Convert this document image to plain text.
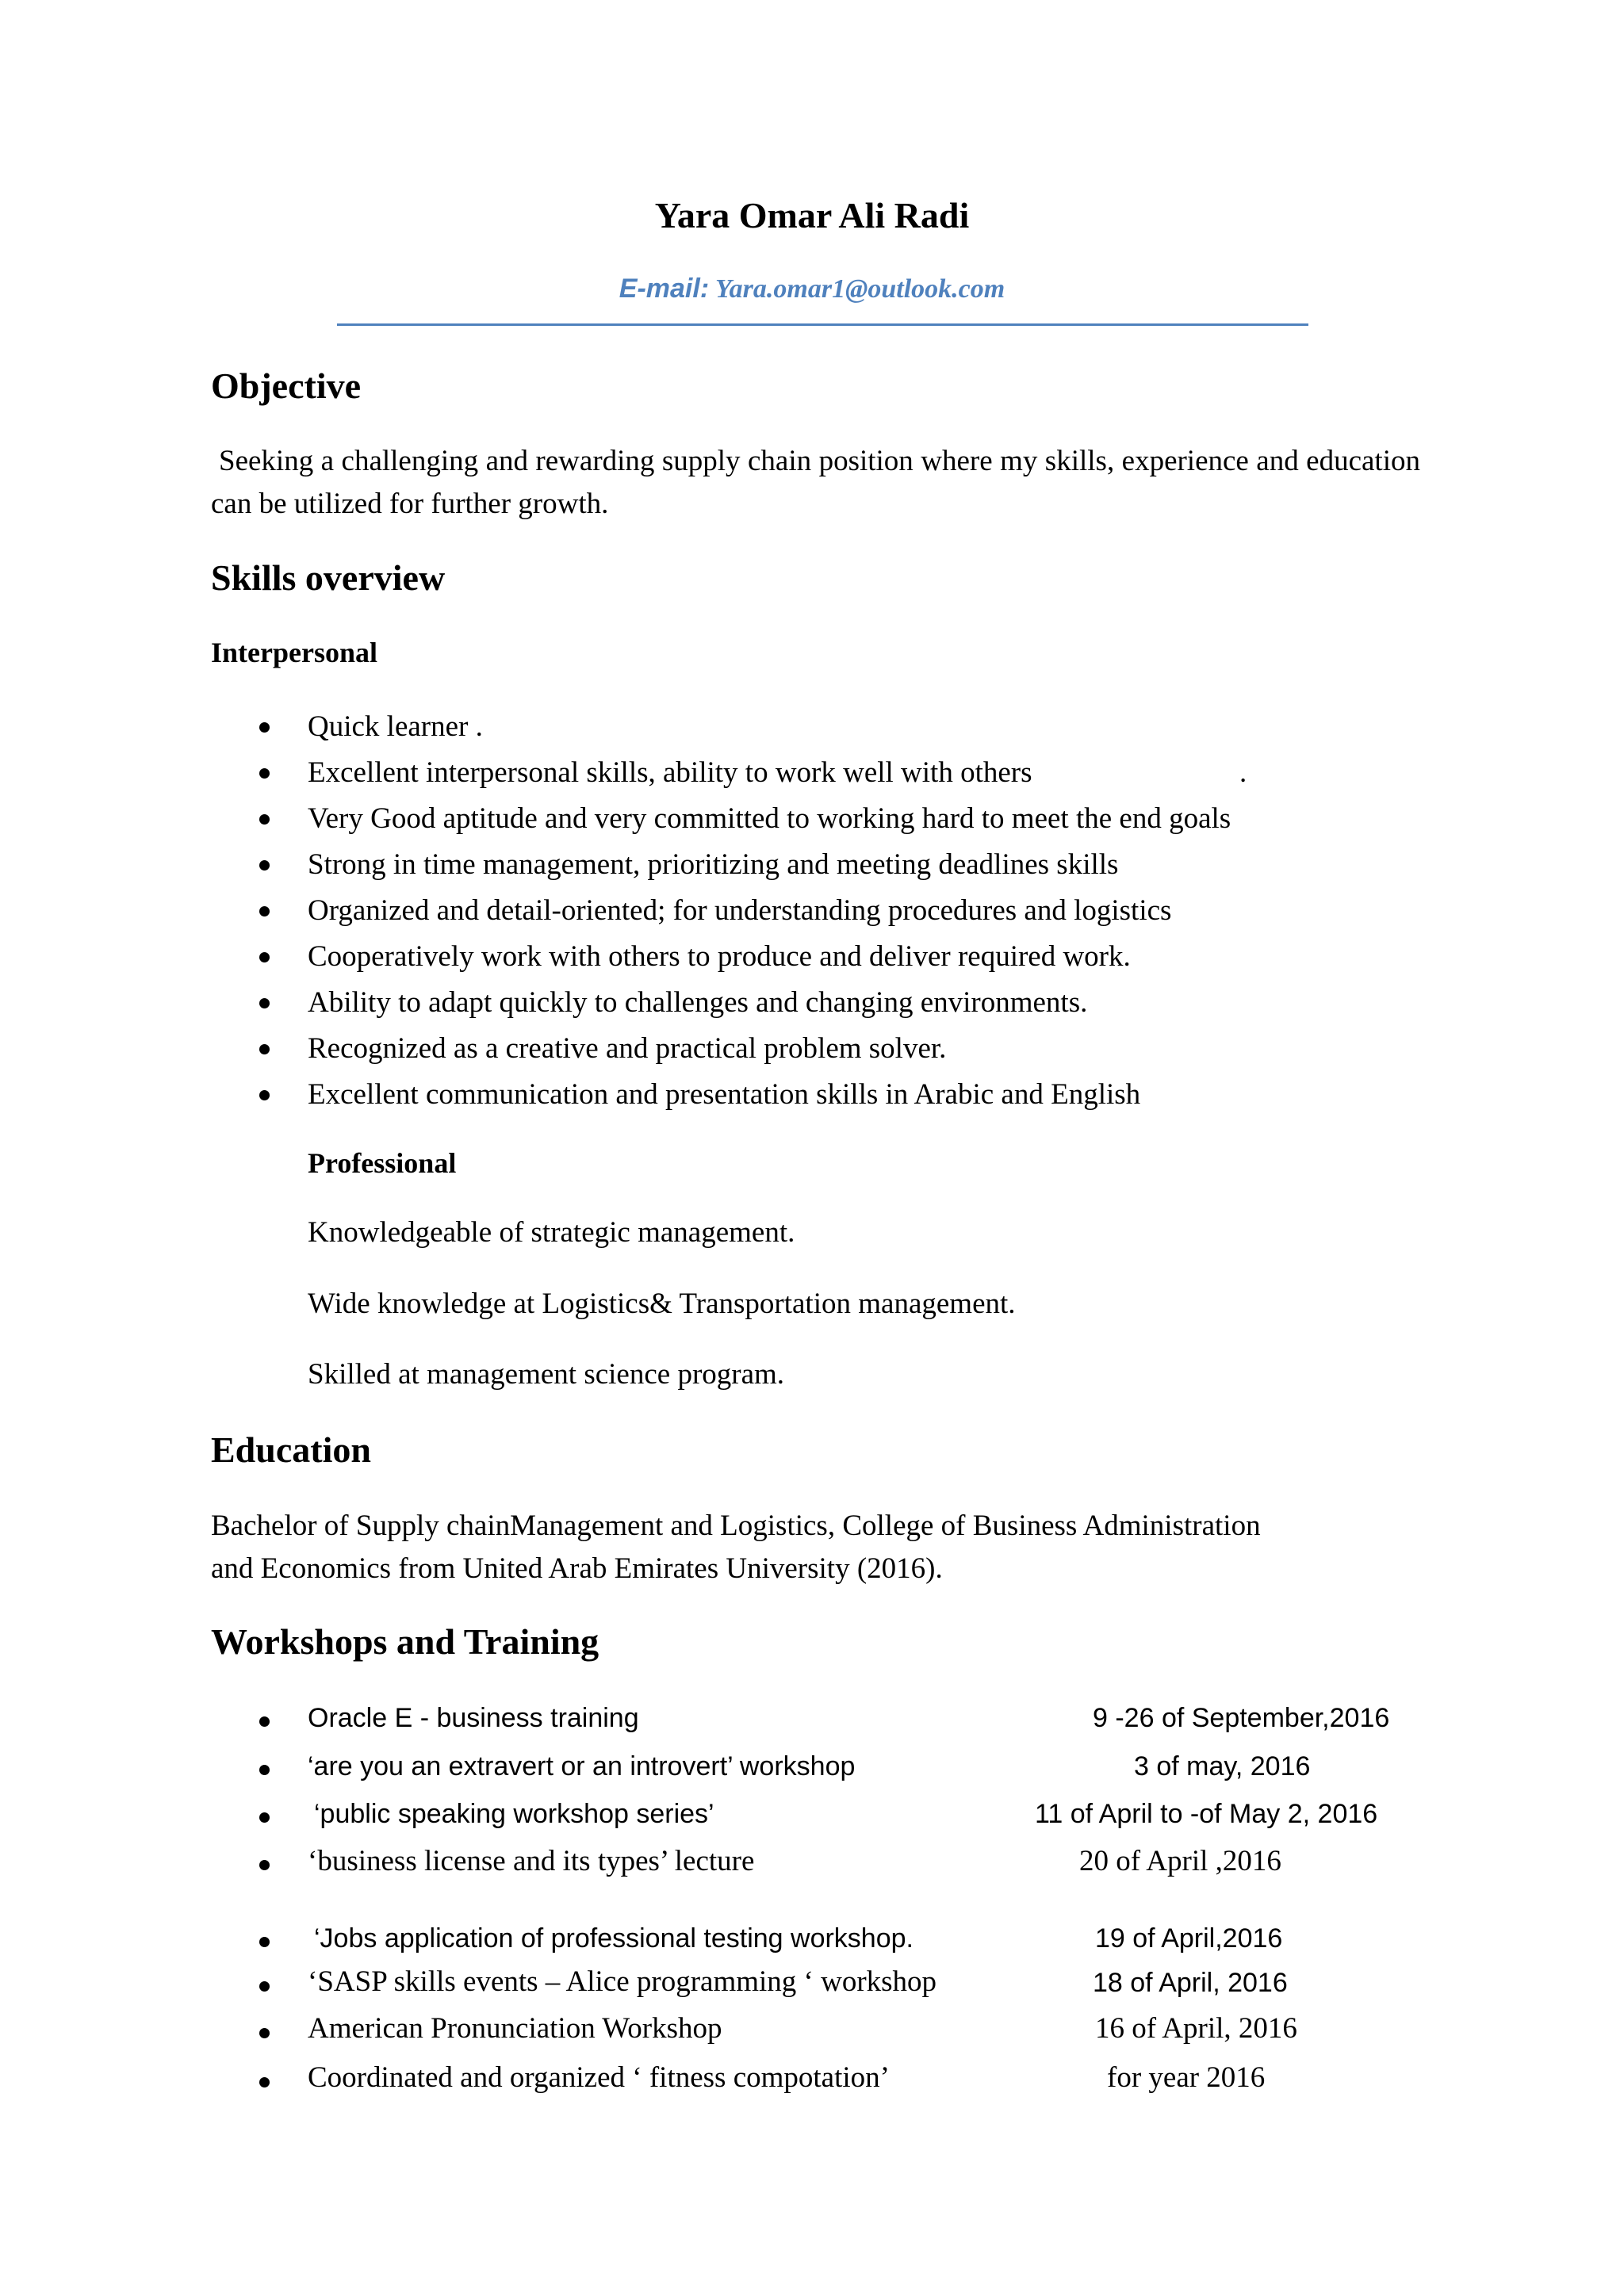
Yara Omar Ali Radi
E-mail: Yara.omar1@outlook.com
Objective
Seeking a challenging and rewarding supply chain position where my skills, experience and education can be utilized for further growth.
Skills overview
Interpersonal
Quick learner .
Excellent interpersonal skills, ability to work well with others	.
Very Good aptitude and very committed to working hard to meet the end goals
Strong in time management, prioritizing and meeting deadlines skills
Organized and detail-oriented; for understanding procedures and logistics
Cooperatively work with others to produce and deliver required work.
Ability to adapt quickly to challenges and changing environments.
Recognized as a creative and practical problem solver.
Excellent communication and presentation skills in Arabic and English
Professional
Knowledgeable of strategic management.
Wide knowledge at Logistics& Transportation management.
Skilled at management science program.
Education
Bachelor of Supply chainManagement and Logistics, College of Business Administration
and Economics from United Arab Emirates University (2016).
Workshops and Training
Oracle E - business training	9 -26 of September,2016
‘are you an extravert or an introvert’ workshop	3 of may, 2016
‘public speaking workshop series’	11 of April to -of May 2, 2016
‘business license and its types’ lecture	20 of April ,2016
‘Jobs application of professional testing workshop.	19 of April,2016
‘SASP skills events – Alice programming ‘ workshop	18 of April, 2016
American Pronunciation Workshop	16 of April, 2016
Coordinated and organized ‘ fitness compotation’	for year 2016
